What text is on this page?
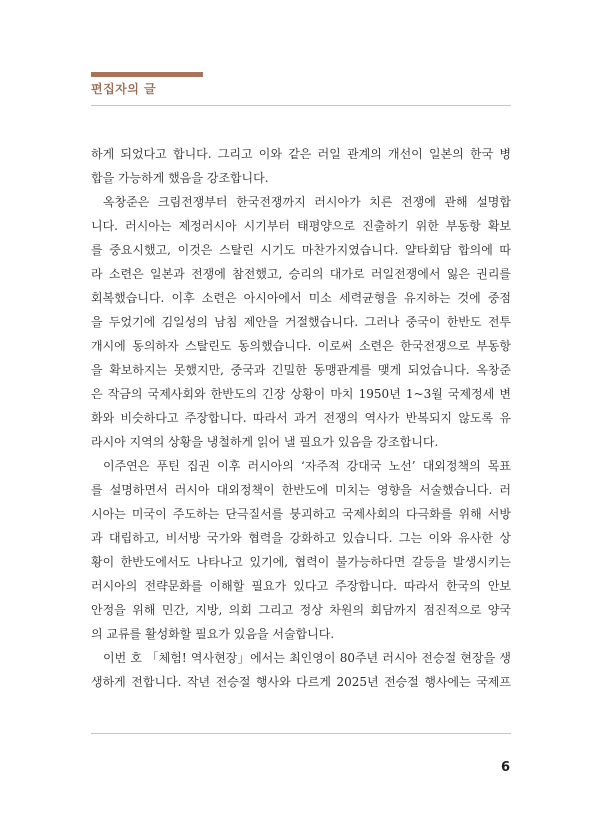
편집자의 글
하게 되었다고 합니다. 그리고 이와 같은 러일 관계의 개선이 일본의 한국 병
합을 가능하게 했음을 강조합니다.
옥창준은 크림전쟁부터 한국전쟁까지 러시아가 치른 전쟁에 관해 설명합
니다. 러시아는 제정러시아 시기부터 태평양으로 진출하기 위한 부동항 확보
를 중요시했고, 이것은 스탈린 시기도 마찬가지였습니다. 얄타회담 합의에 따
라 소련은 일본과 전쟁에 참전했고, 승리의 대가로 러일전쟁에서 잃은 권리를
회복했습니다. 이후 소련은 아시아에서 미소 세력균형을 유지하는 것에 중점
을 두었기에 김일성의 남침 제안을 거절했습니다. 그러나 중국이 한반도 전투
개시에 동의하자 스탈린도 동의했습니다. 이로써 소련은 한국전쟁으로 부동항
을 확보하지는 못했지만, 중국과 긴밀한 동맹관계를 맺게 되었습니다. 옥창준
은 작금의 국제사회와 한반도의 긴장 상황이 마치 1950년 1~3월 국제정세 변
화와 비슷하다고 주장합니다. 따라서 과거 전쟁의 역사가 반복되지 않도록 유
라시아 지역의 상황을 냉철하게 읽어 낼 필요가 있음을 강조합니다.
이주연은 푸틴 집권 이후 러시아의 ‘자주적 강대국 노선’ 대외정책의 목표
를 설명하면서 러시아 대외정책이 한반도에 미치는 영향을 서술했습니다. 러
시아는 미국이 주도하는 단극질서를 붕괴하고 국제사회의 다극화를 위해 서방
과 대립하고, 비서방 국가와 협력을 강화하고 있습니다. 그는 이와 유사한 상
황이 한반도에서도 나타나고 있기에, 협력이 불가능하다면 갈등을 발생시키는
러시아의 전략문화를 이해할 필요가 있다고 주장합니다. 따라서 한국의 안보
안정을 위해 민간, 지방, 의회 그리고 정상 차원의 회담까지 점진적으로 양국
의 교류를 활성화할 필요가 있음을 서술합니다.
이번 호 「체험! 역사현장」에서는 최인영이 80주년 러시아 전승절 현장을 생
생하게 전합니다. 작년 전승절 행사와 다르게 2025년 전승절 행사에는 국제프
6
